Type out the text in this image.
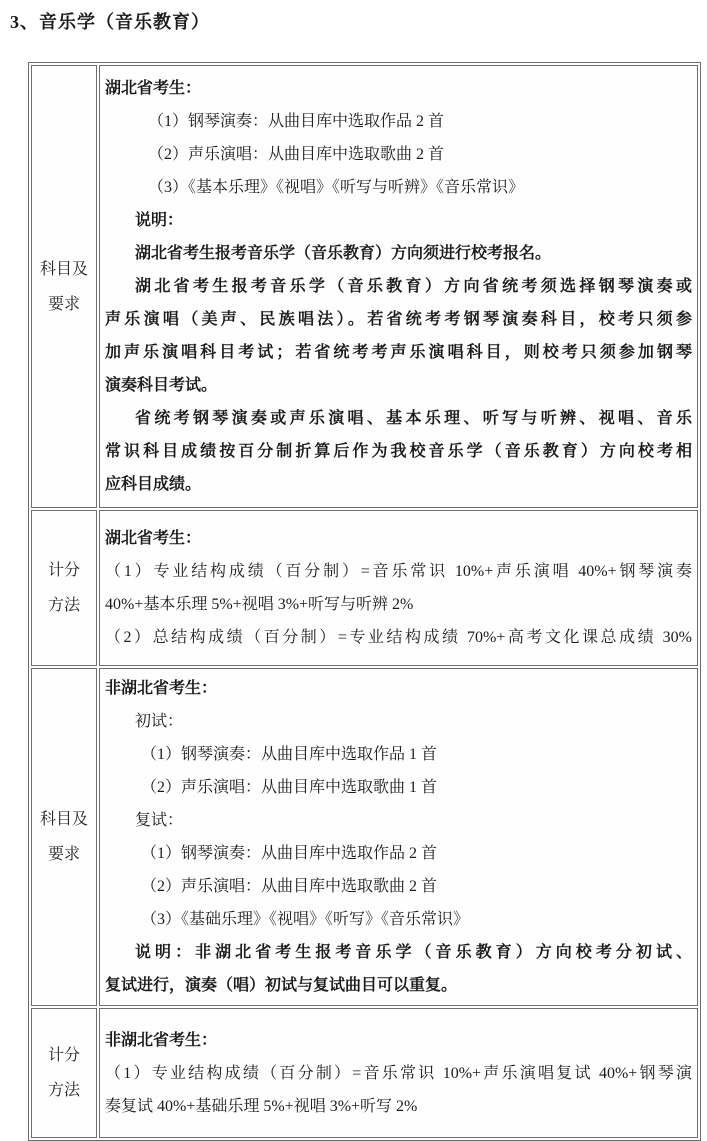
3、音乐学（音乐教育）
科目及
要求

湖北省考生：
（1）钢琴演奏：从曲目库中选取作品 2 首
（2）声乐演唱：从曲目库中选取歌曲 2 首
（3）《基本乐理》《视唱》《听写与听辨》《音乐常识》
说明：
湖北省考生报考音乐学（音乐教育）方向须进行校考报名。
湖北省考生报考音乐学（音乐教育）方向省统考须选择钢琴演奏或
声乐演唱（美声、民族唱法）。若省统考考钢琴演奏科目，校考只须参
加声乐演唱科目考试；若省统考考声乐演唱科目，则校考只须参加钢琴
演奏科目考试。
省统考钢琴演奏或声乐演唱、基本乐理、听写与听辨、视唱、音乐
常识科目成绩按百分制折算后作为我校音乐学（音乐教育）方向校考相
应科目成绩。

计分
方法

湖北省考生：
（1）专业结构成绩（百分制）=音乐常识 10%+声乐演唱 40%+钢琴演奏
40%+基本乐理 5%+视唱 3%+听写与听辨 2%
（2）总结构成绩（百分制）=专业结构成绩 70%+高考文化课总成绩 30%

科目及
要求

非湖北省考生：
初试：
（1）钢琴演奏：从曲目库中选取作品 1 首
（2）声乐演唱：从曲目库中选取歌曲 1 首
复试：
（1）钢琴演奏：从曲目库中选取作品 2 首
（2）声乐演唱：从曲目库中选取歌曲 2 首
（3）《基础乐理》《视唱》《听写》《音乐常识》
说明：非湖北省考生报考音乐学（音乐教育）方向校考分初试、
复试进行，演奏（唱）初试与复试曲目可以重复。

计分
方法

非湖北省考生：
（1）专业结构成绩（百分制）=音乐常识 10%+声乐演唱复试 40%+钢琴演
奏复试 40%+基础乐理 5%+视唱 3%+听写 2%
